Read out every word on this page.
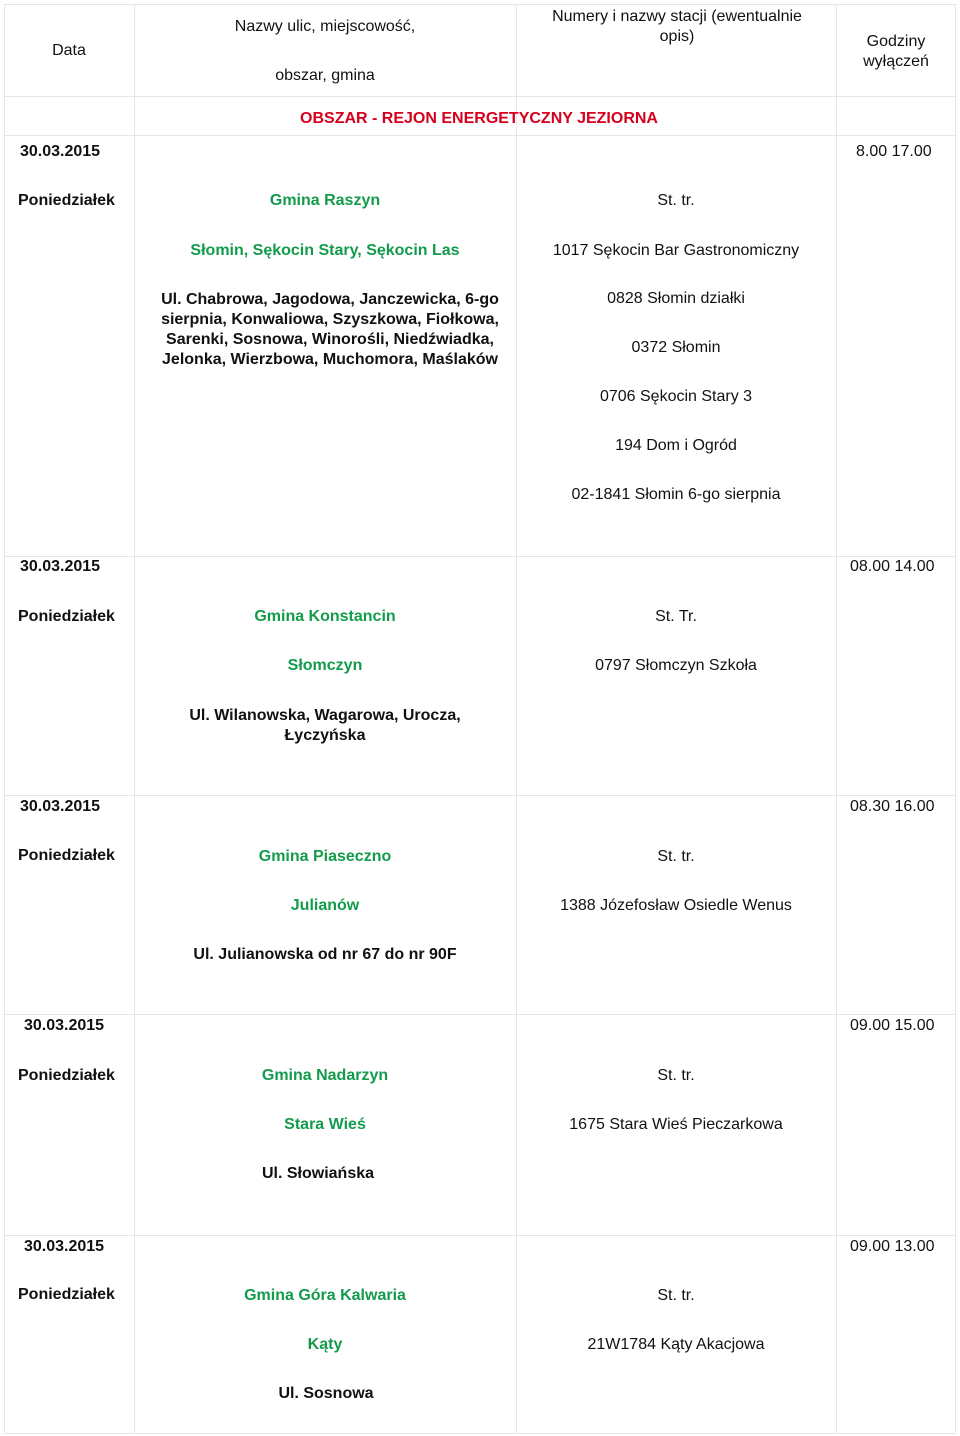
Data
Nazwy ulic, miejscowość,
obszar, gmina
Numery i nazwy stacji (ewentualnie
opis)	Godziny
wyłączeń
OBSZAR - REJON ENERGETYCZNY JEZIORNA
30.03.2015
Poniedziałek
8.00 17.00
Gmina Raszyn
Słomin, Sękocin Stary, Sękocin Las
Ul. Chabrowa, Jagodowa, Janczewicka, 6-go sierpnia, Konwaliowa, Szyszkowa, Fiołkowa, Sarenki, Sosnowa, Winorośli, Niedźwiadka, Jelonka, Wierzbowa, Muchomora, Maślaków
St. tr.
1017 Sękocin Bar Gastronomiczny
0828 Słomin działki
0372 Słomin
0706 Sękocin Stary 3
194 Dom i Ogród
02-1841 Słomin 6-go sierpnia
30.03.2015
Poniedziałek
08.00 14.00
Gmina Konstancin
Słomczyn
Ul. Wilanowska, Wagarowa, Urocza, Łyczyńska
St. Tr.
0797 Słomczyn Szkoła
30.03.2015
Poniedziałek
08.30 16.00
Gmina Piaseczno
Julianów
Ul. Julianowska od nr 67 do nr 90F
St. tr.
1388 Józefosław Osiedle Wenus
30.03.2015
Poniedziałek
09.00 15.00
Gmina Nadarzyn
Stara Wieś
Ul. Słowiańska
St. tr.
1675 Stara Wieś Pieczarkowa
30.03.2015
Poniedziałek
09.00 13.00
Gmina Góra Kalwaria
Kąty
Ul. Sosnowa
St. tr.
21W1784 Kąty Akacjowa
